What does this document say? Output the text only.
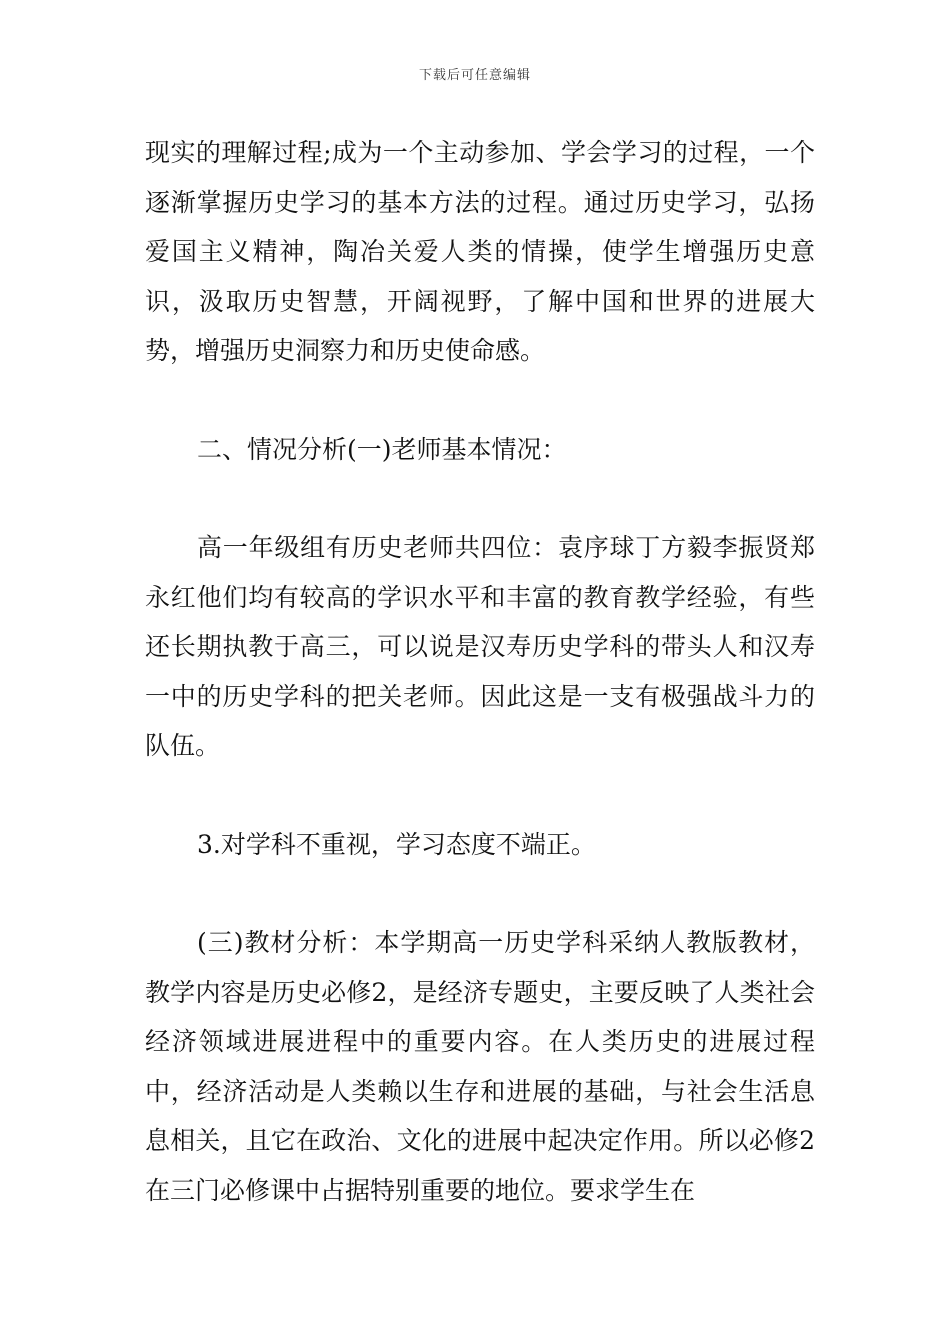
下载后可任意编辑

现实的理解过程;成为一个主动参加、学会学习的过程，一个逐渐掌握历史学习的基本方法的过程。通过历史学习，弘扬爱国主义精神，陶冶关爱人类的情操，使学生增强历史意识，汲取历史智慧，开阔视野，了解中国和世界的进展大势，增强历史洞察力和历史使命感。

二、情况分析(一)老师基本情况：

高一年级组有历史老师共四位：袁序球丁方毅李振贤郑永红他们均有较高的学识水平和丰富的教育教学经验，有些还长期执教于高三，可以说是汉寿历史学科的带头人和汉寿一中的历史学科的把关老师。因此这是一支有极强战斗力的队伍。

3.对学科不重视，学习态度不端正。

(三)教材分析：本学期高一历史学科采纳人教版教材，教学内容是历史必修2，是经济专题史，主要反映了人类社会经济领域进展进程中的重要内容。在人类历史的进展过程中，经济活动是人类赖以生存和进展的基础，与社会生活息息相关，且它在政治、文化的进展中起决定作用。所以必修2在三门必修课中占据特别重要的地位。要求学生在
